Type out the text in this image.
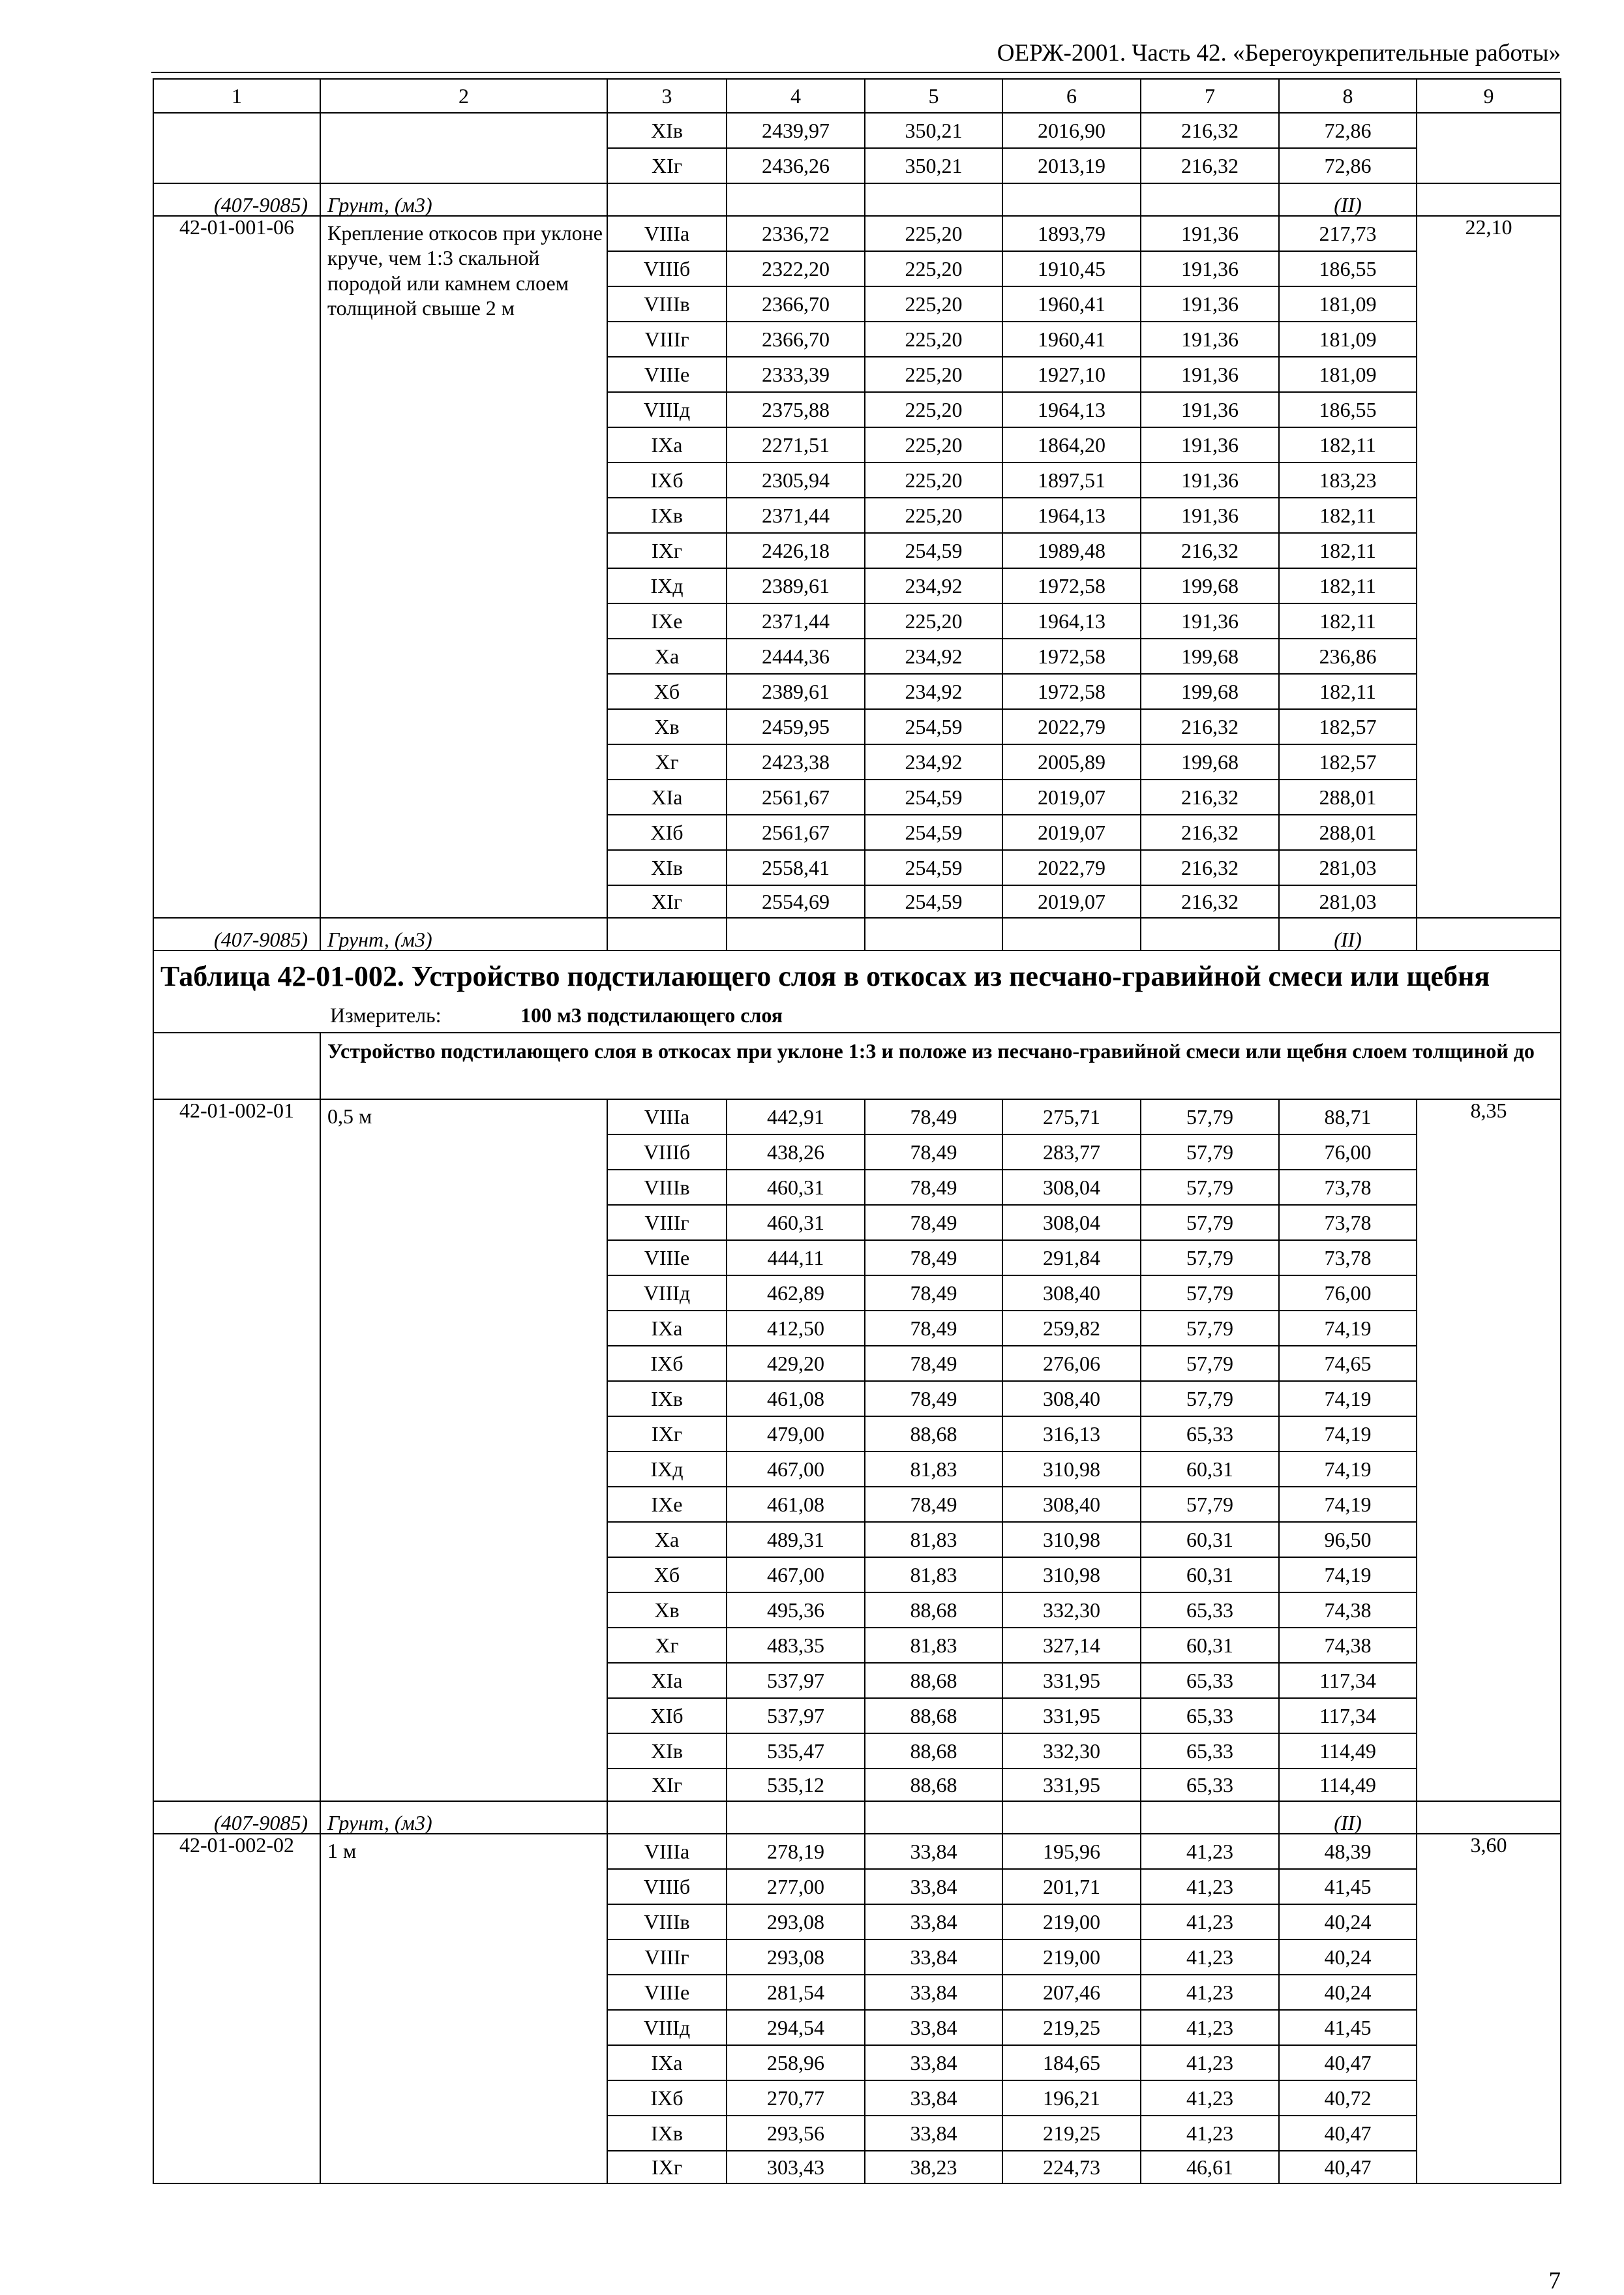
ОЕРЖ-2001. Часть 42. «Берегоукрепительные работы»
1	2	3	4	5	6	7	8	9
		XIв	2439,97	350,21	2016,90	216,32	72,86	
		XIг	2436,26	350,21	2013,19	216,32	72,86	
(407-9085)	Грунт, (м3)						(II)	
42-01-001-06	Крепление откосов при уклоне круче, чем 1:3 скальной породой или камнем слоем толщиной свыше 2 м	VIIIа	2336,72	225,20	1893,79	191,36	217,73	22,10
		VIIIб	2322,20	225,20	1910,45	191,36	186,55	
		VIIIв	2366,70	225,20	1960,41	191,36	181,09	
		VIIIг	2366,70	225,20	1960,41	191,36	181,09	
		VIIIе	2333,39	225,20	1927,10	191,36	181,09	
		VIIIд	2375,88	225,20	1964,13	191,36	186,55	
		IXа	2271,51	225,20	1864,20	191,36	182,11	
		IXб	2305,94	225,20	1897,51	191,36	183,23	
		IXв	2371,44	225,20	1964,13	191,36	182,11	
		IXг	2426,18	254,59	1989,48	216,32	182,11	
		IXд	2389,61	234,92	1972,58	199,68	182,11	
		IXе	2371,44	225,20	1964,13	191,36	182,11	
		Xа	2444,36	234,92	1972,58	199,68	236,86	
		Xб	2389,61	234,92	1972,58	199,68	182,11	
		Xв	2459,95	254,59	2022,79	216,32	182,57	
		Xг	2423,38	234,92	2005,89	199,68	182,57	
		XIа	2561,67	254,59	2019,07	216,32	288,01	
		XIб	2561,67	254,59	2019,07	216,32	288,01	
		XIв	2558,41	254,59	2022,79	216,32	281,03	
		XIг	2554,69	254,59	2019,07	216,32	281,03	
(407-9085)	Грунт, (м3)						(II)	
Таблица 42-01-002. Устройство подстилающего слоя в откосах из песчано-гравийной смеси или щебня								
Измеритель: 100 м3 подстилающего слоя								
	Устройство подстилающего слоя в откосах при уклоне 1:3 и положе из песчано-гравийной смеси или щебня слоем толщиной до							
42-01-002-01	0,5 м	VIIIа	442,91	78,49	275,71	57,79	88,71	8,35
		VIIIб	438,26	78,49	283,77	57,79	76,00	
		VIIIв	460,31	78,49	308,04	57,79	73,78	
		VIIIг	460,31	78,49	308,04	57,79	73,78	
		VIIIе	444,11	78,49	291,84	57,79	73,78	
		VIIIд	462,89	78,49	308,40	57,79	76,00	
		IXа	412,50	78,49	259,82	57,79	74,19	
		IXб	429,20	78,49	276,06	57,79	74,65	
		IXв	461,08	78,49	308,40	57,79	74,19	
		IXг	479,00	88,68	316,13	65,33	74,19	
		IXд	467,00	81,83	310,98	60,31	74,19	
		IXе	461,08	78,49	308,40	57,79	74,19	
		Xа	489,31	81,83	310,98	60,31	96,50	
		Xб	467,00	81,83	310,98	60,31	74,19	
		Xв	495,36	88,68	332,30	65,33	74,38	
		Xг	483,35	81,83	327,14	60,31	74,38	
		XIа	537,97	88,68	331,95	65,33	117,34	
		XIб	537,97	88,68	331,95	65,33	117,34	
		XIв	535,47	88,68	332,30	65,33	114,49	
		XIг	535,12	88,68	331,95	65,33	114,49	
(407-9085)	Грунт, (м3)						(II)	
42-01-002-02	1 м	VIIIа	278,19	33,84	195,96	41,23	48,39	3,60
		VIIIб	277,00	33,84	201,71	41,23	41,45	
		VIIIв	293,08	33,84	219,00	41,23	40,24	
		VIIIг	293,08	33,84	219,00	41,23	40,24	
		VIIIе	281,54	33,84	207,46	41,23	40,24	
		VIIIд	294,54	33,84	219,25	41,23	41,45	
		IXа	258,96	33,84	184,65	41,23	40,47	
		IXб	270,77	33,84	196,21	41,23	40,72	
		IXв	293,56	33,84	219,25	41,23	40,47	
		IXг	303,43	38,23	224,73	46,61	40,47	
7
